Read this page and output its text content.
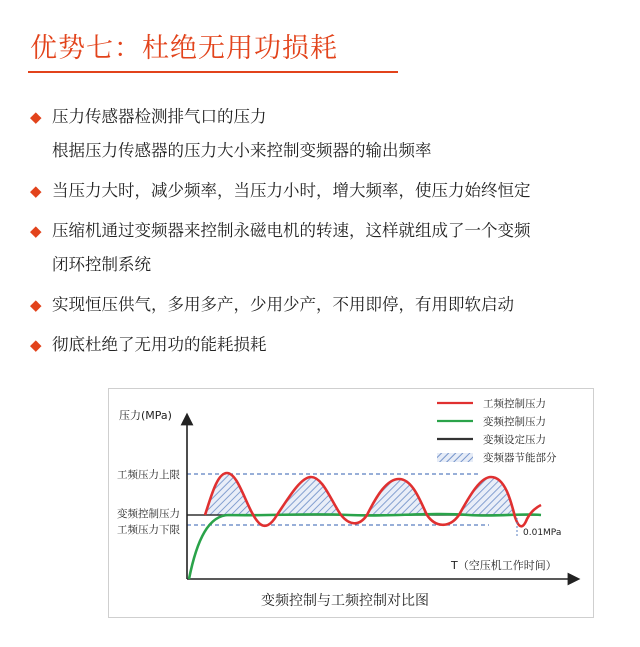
优势七：杜绝无用功损耗
◆ 压力传感器检测排气口的压力
根据压力传感器的压力大小来控制变频器的输出频率
◆ 当压力大时，减少频率，当压力小时，增大频率，使压力始终恒定
◆ 压缩机通过变频器来控制永磁电机的转速，这样就组成了一个变频
闭环控制系统
◆ 实现恒压供气，多用多产，少用少产，不用即停，有用即软启动
◆ 彻底杜绝了无用功的能耗损耗
压力(MPa)
工频压力上限
变频控制压力
工频压力下限	0.01MPa
T（空压机工作时间）
变频控制与工频控制对比图
工频控制压力
变频控制压力
变频设定压力
变频器节能部分
